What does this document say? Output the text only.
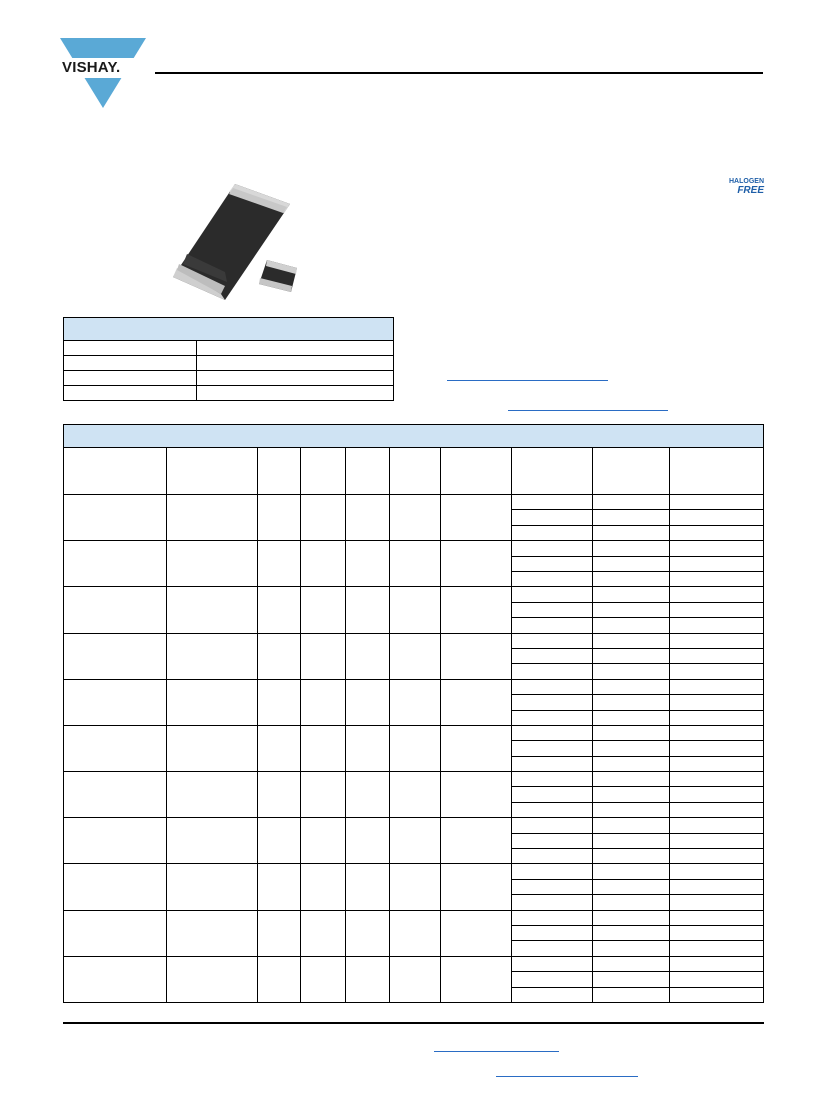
VISHAY.
HALOGEN
FREE
